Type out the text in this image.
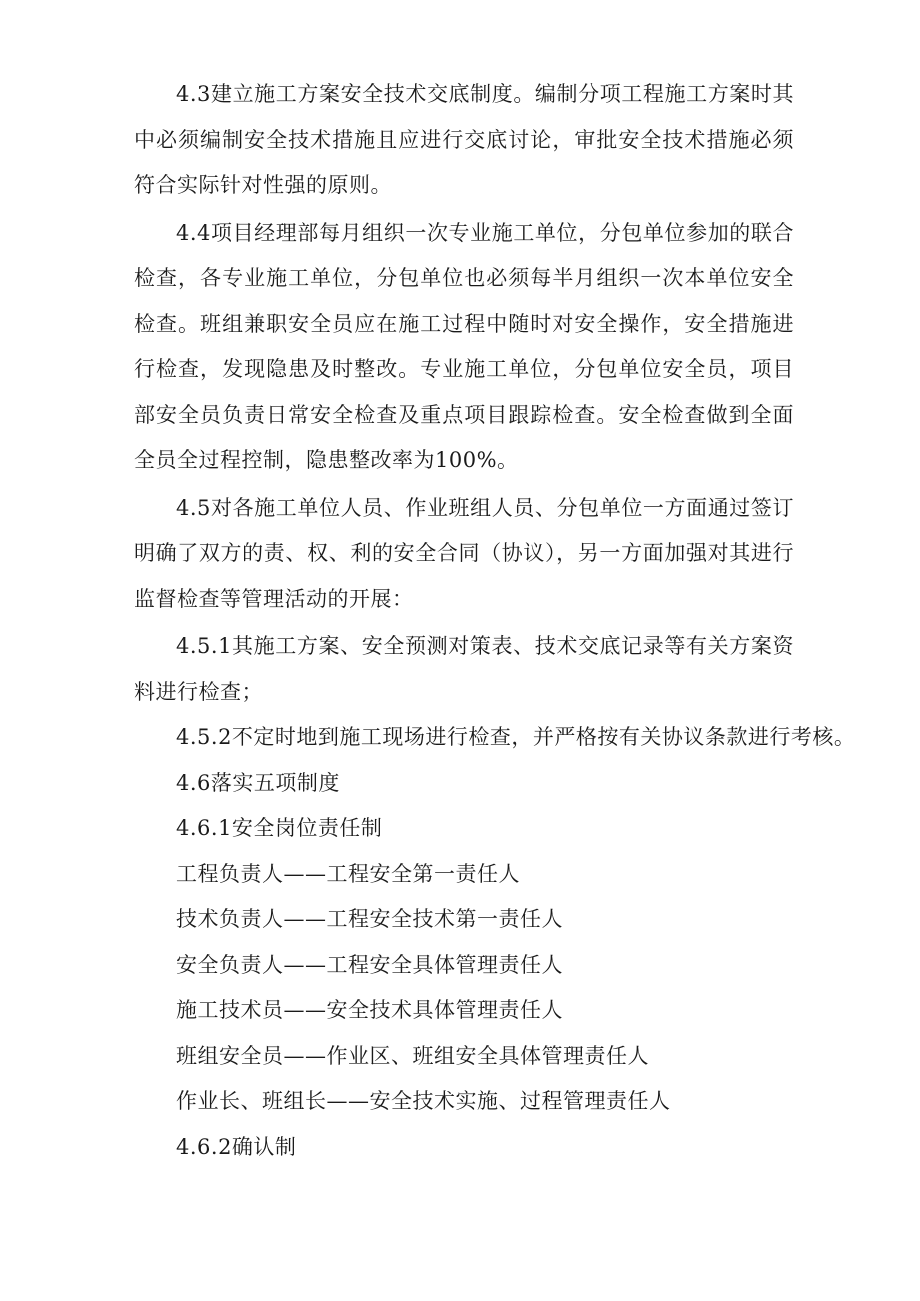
4.3建立施工方案安全技术交底制度。编制分项工程施工方案时其中必须编制安全技术措施且应进行交底讨论，审批安全技术措施必须符合实际针对性强的原则。

4.4项目经理部每月组织一次专业施工单位，分包单位参加的联合检查，各专业施工单位，分包单位也必须每半月组织一次本单位安全检查。班组兼职安全员应在施工过程中随时对安全操作，安全措施进行检查，发现隐患及时整改。专业施工单位，分包单位安全员，项目部安全员负责日常安全检查及重点项目跟踪检查。安全检查做到全面全员全过程控制，隐患整改率为100%。

4.5对各施工单位人员、作业班组人员、分包单位一方面通过签订明确了双方的责、权、利的安全合同（协议），另一方面加强对其进行监督检查等管理活动的开展：

4.5.1其施工方案、安全预测对策表、技术交底记录等有关方案资料进行检查；

4.5.2不定时地到施工现场进行检查，并严格按有关协议条款进行考核。

4.6落实五项制度

4.6.1安全岗位责任制

工程负责人——工程安全第一责任人

技术负责人——工程安全技术第一责任人

安全负责人——工程安全具体管理责任人

施工技术员——安全技术具体管理责任人

班组安全员——作业区、班组安全具体管理责任人

作业长、班组长——安全技术实施、过程管理责任人

4.6.2确认制
